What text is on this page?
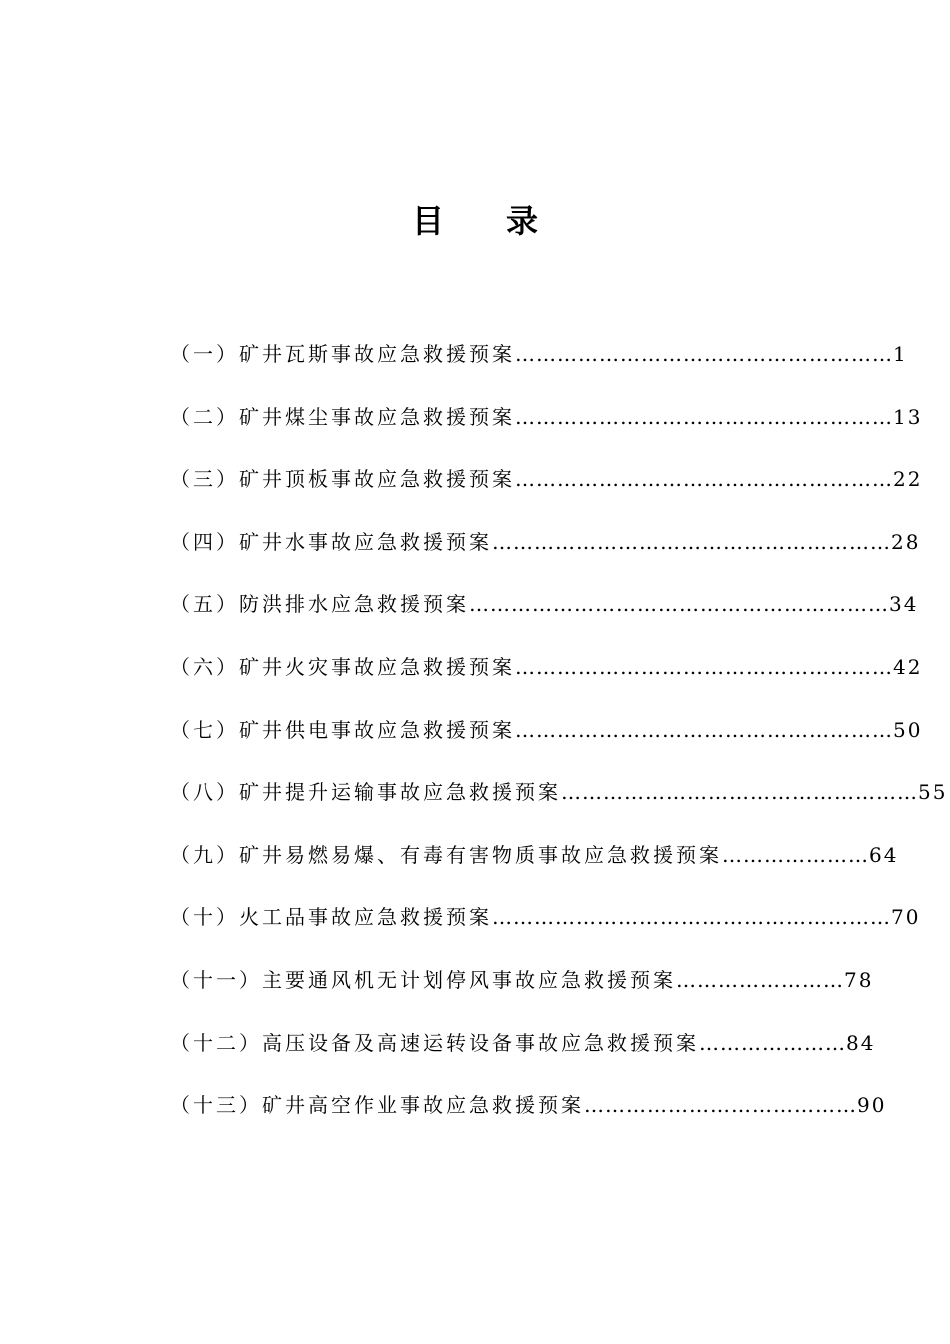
目 录
（一）矿井瓦斯事故应急救援预案………………………………………………1
（二）矿井煤尘事故应急救援预案………………………………………………13
（三）矿井顶板事故应急救援预案………………………………………………22
（四）矿井水事故应急救援预案…………………………………………………28
（五）防洪排水应急救援预案……………………………………………………34
（六）矿井火灾事故应急救援预案………………………………………………42
（七）矿井供电事故应急救援预案………………………………………………50
（八）矿井提升运输事故应急救援预案……………………………………………55
（九）矿井易燃易爆、有毒有害物质事故应急救援预案…………………64
（十）火工品事故应急救援预案…………………………………………………70
（十一）主要通风机无计划停风事故应急救援预案……………………78
（十二）高压设备及高速运转设备事故应急救援预案…………………84
（十三）矿井高空作业事故应急救援预案…………………………………90
